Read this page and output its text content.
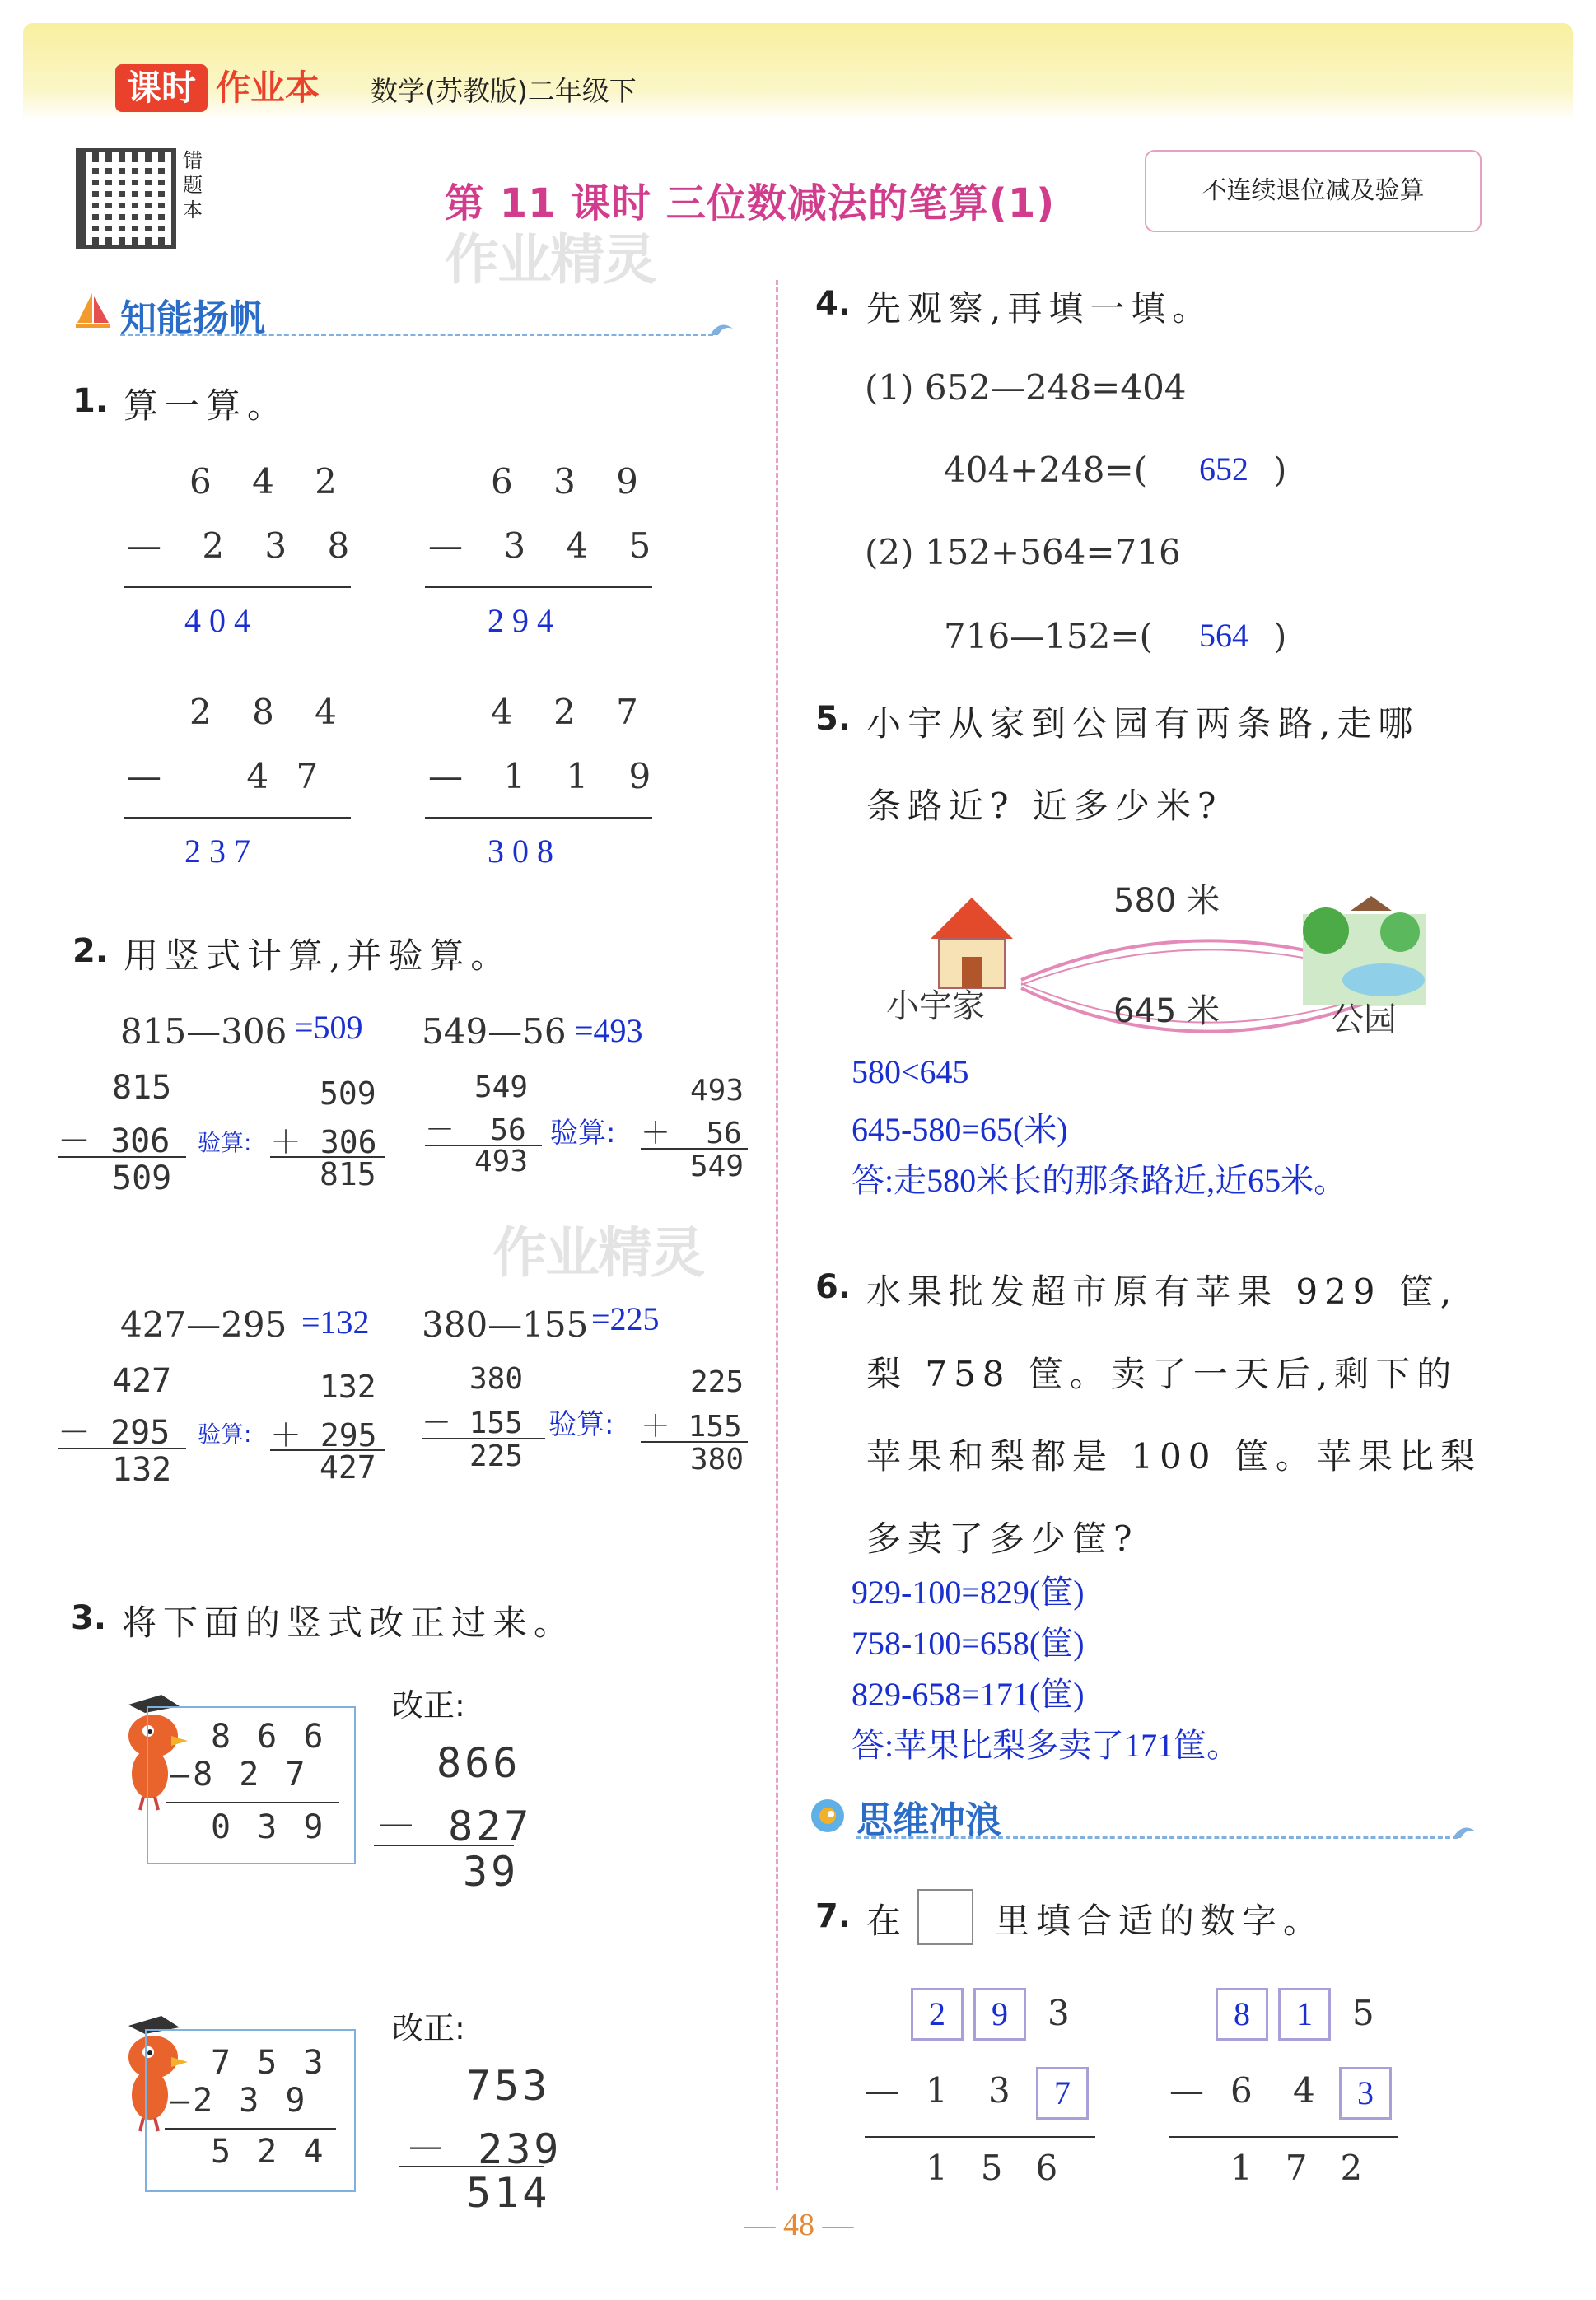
课时 作业本 数学(苏教版)二年级下
错题本	第 11 课时 三位数减法的笔算(1)	不连续退位减及验算
作业精灵
知能扬帆
1. 算一算。
6 4 2
— 2 3 8
4 0 4
6 3 9
— 3 4 5
2 9 4
2 8 4
—    4 7
2 3 7
4 2 7
— 1 1 9
3 0 8
2. 用竖式计算,并验算。
815—306 =509
815
－ 306
509
验算:
509
＋ 306
815
549—56 =493
549
－  56
493
验算:
493
＋  56
549
作业精灵
427—295 =132
427
－ 295
132
验算:
132
＋ 295
427
380—155 =225
380
－ 155
225
验算:
225
＋ 155
380
3. 将下面的竖式改正过来。
8 6 6
—8 2 7
0 3 9
改正:
866
－ 827
39
7 5 3
—2 3 9
5 2 4
改正:
753
－ 239
514
4. 先观察,再填一填。
(1) 652—248=404
404+248=( 652 )
(2) 152+564=716
716—152=( 564 )
5. 小宇从家到公园有两条路,走哪
条路近? 近多少米?
580 米
645 米
小宇家	公园
580<645
645-580=65(米)
答:走580米长的那条路近,近65米。
6. 水果批发超市原有苹果 929 筐,
梨 758 筐。卖了一天后,剩下的
苹果和梨都是 100 筐。苹果比梨
多卖了多少筐?
929-100=829(筐)
758-100=658(筐)
829-658=171(筐)
答:苹果比梨多卖了171筐。
思维冲浪
7. 在	里填合适的数字。
2	9	3
— 1 3	7
1   5   6
8	1	5
— 6 4	3
1   7   2
— 48 —
